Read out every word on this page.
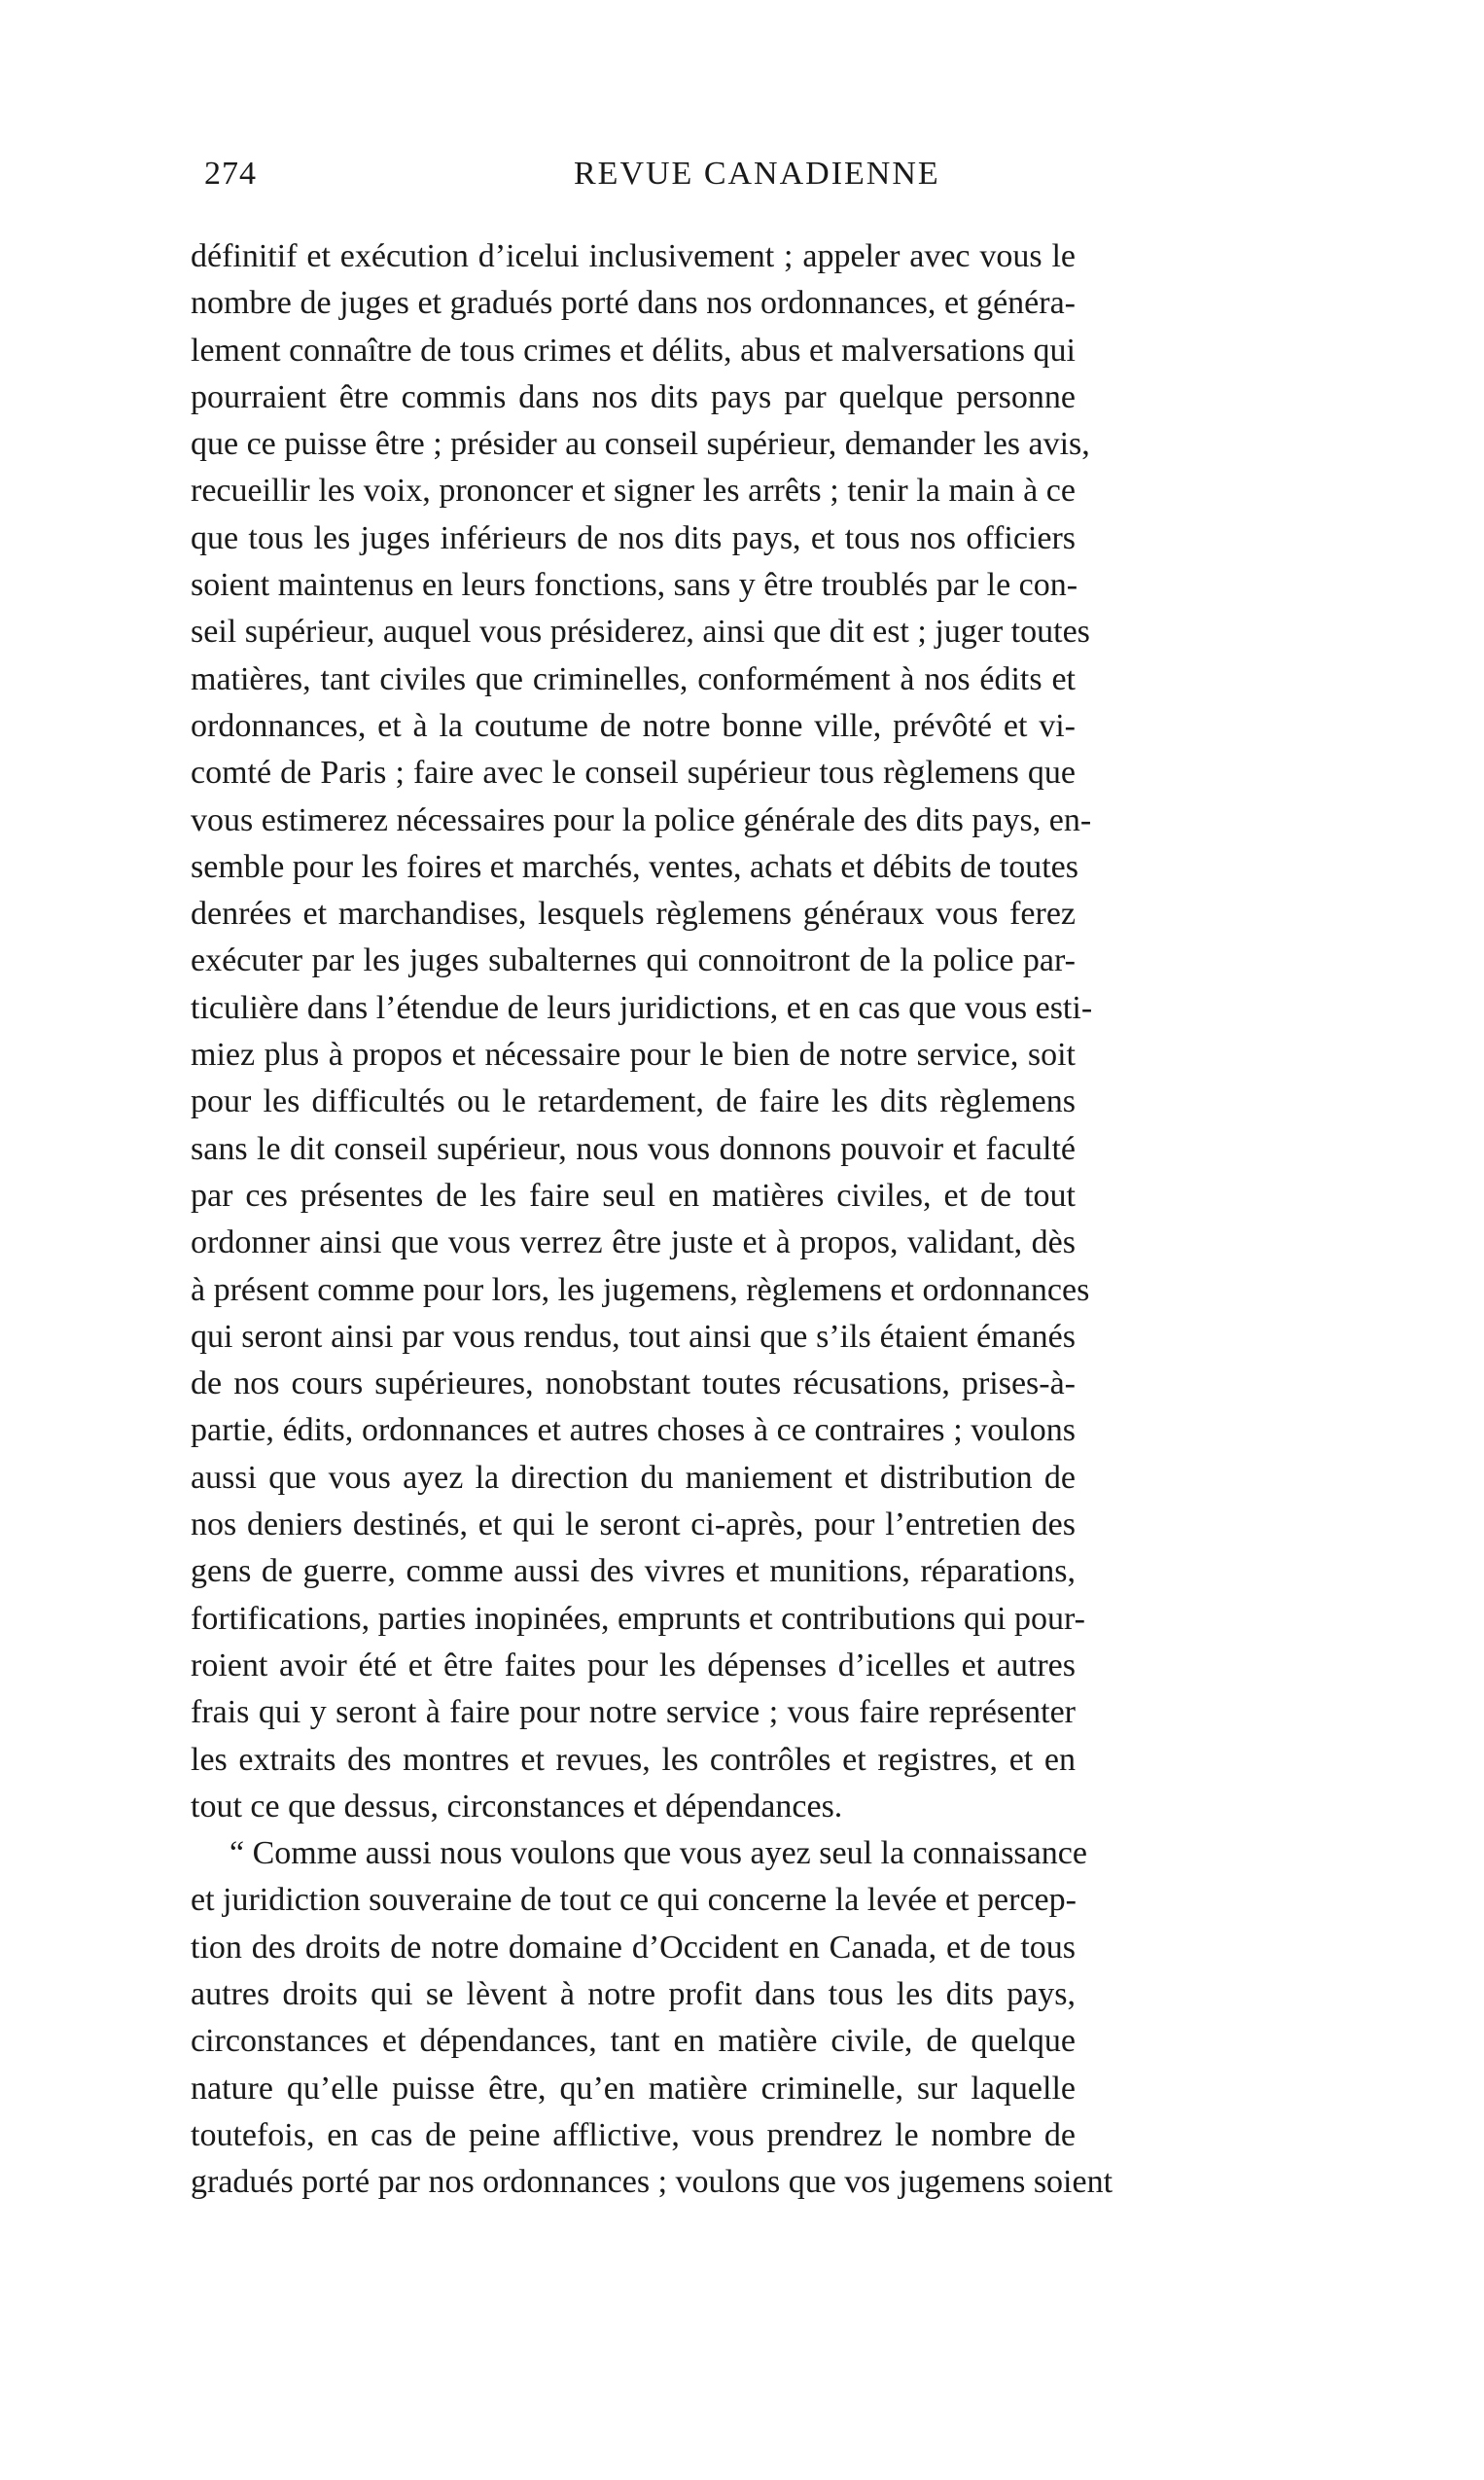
274	REVUE CANADIENNE
définitif et exécution d’icelui inclusivement ; appeler avec vous le
nombre de juges et gradués porté dans nos ordonnances, et généra-
lement connaître de tous crimes et délits, abus et malversations qui
pourraient être commis dans nos dits pays par quelque personne
que ce puisse être ; présider au conseil supérieur, demander les avis,
recueillir les voix, prononcer et signer les arrêts ; tenir la main à ce
que tous les juges inférieurs de nos dits pays, et tous nos officiers
soient maintenus en leurs fonctions, sans y être troublés par le con-
seil supérieur, auquel vous présiderez, ainsi que dit est ; juger toutes
matières, tant civiles que criminelles, conformément à nos édits et
ordonnances, et à la coutume de notre bonne ville, prévôté et vi-
comté de Paris ; faire avec le conseil supérieur tous règlemens que
vous estimerez nécessaires pour la police générale des dits pays, en-
semble pour les foires et marchés, ventes, achats et débits de toutes
denrées et marchandises, lesquels règlemens généraux vous ferez
exécuter par les juges subalternes qui connoitront de la police par-
ticulière dans l’étendue de leurs juridictions, et en cas que vous esti-
miez plus à propos et nécessaire pour le bien de notre service, soit
pour les difficultés ou le retardement, de faire les dits règlemens
sans le dit conseil supérieur, nous vous donnons pouvoir et faculté
par ces présentes de les faire seul en matières civiles, et de tout
ordonner ainsi que vous verrez être juste et à propos, validant, dès
à présent comme pour lors, les jugemens, règlemens et ordonnances
qui seront ainsi par vous rendus, tout ainsi que s’ils étaient émanés
de nos cours supérieures, nonobstant toutes récusations, prises-à-
partie, édits, ordonnances et autres choses à ce contraires ; voulons
aussi que vous ayez la direction du maniement et distribution de
nos deniers destinés, et qui le seront ci-après, pour l’entretien des
gens de guerre, comme aussi des vivres et munitions, réparations,
fortifications, parties inopinées, emprunts et contributions qui pour-
roient avoir été et être faites pour les dépenses d’icelles et autres
frais qui y seront à faire pour notre service ; vous faire représenter
les extraits des montres et revues, les contrôles et registres, et en
tout ce que dessus, circonstances et dépendances.
“ Comme aussi nous voulons que vous ayez seul la connaissance
et juridiction souveraine de tout ce qui concerne la levée et percep-
tion des droits de notre domaine d’Occident en Canada, et de tous
autres droits qui se lèvent à notre profit dans tous les dits pays,
circonstances et dépendances, tant en matière civile, de quelque
nature qu’elle puisse être, qu’en matière criminelle, sur laquelle
toutefois, en cas de peine afflictive, vous prendrez le nombre de
gradués porté par nos ordonnances ; voulons que vos jugemens soient
